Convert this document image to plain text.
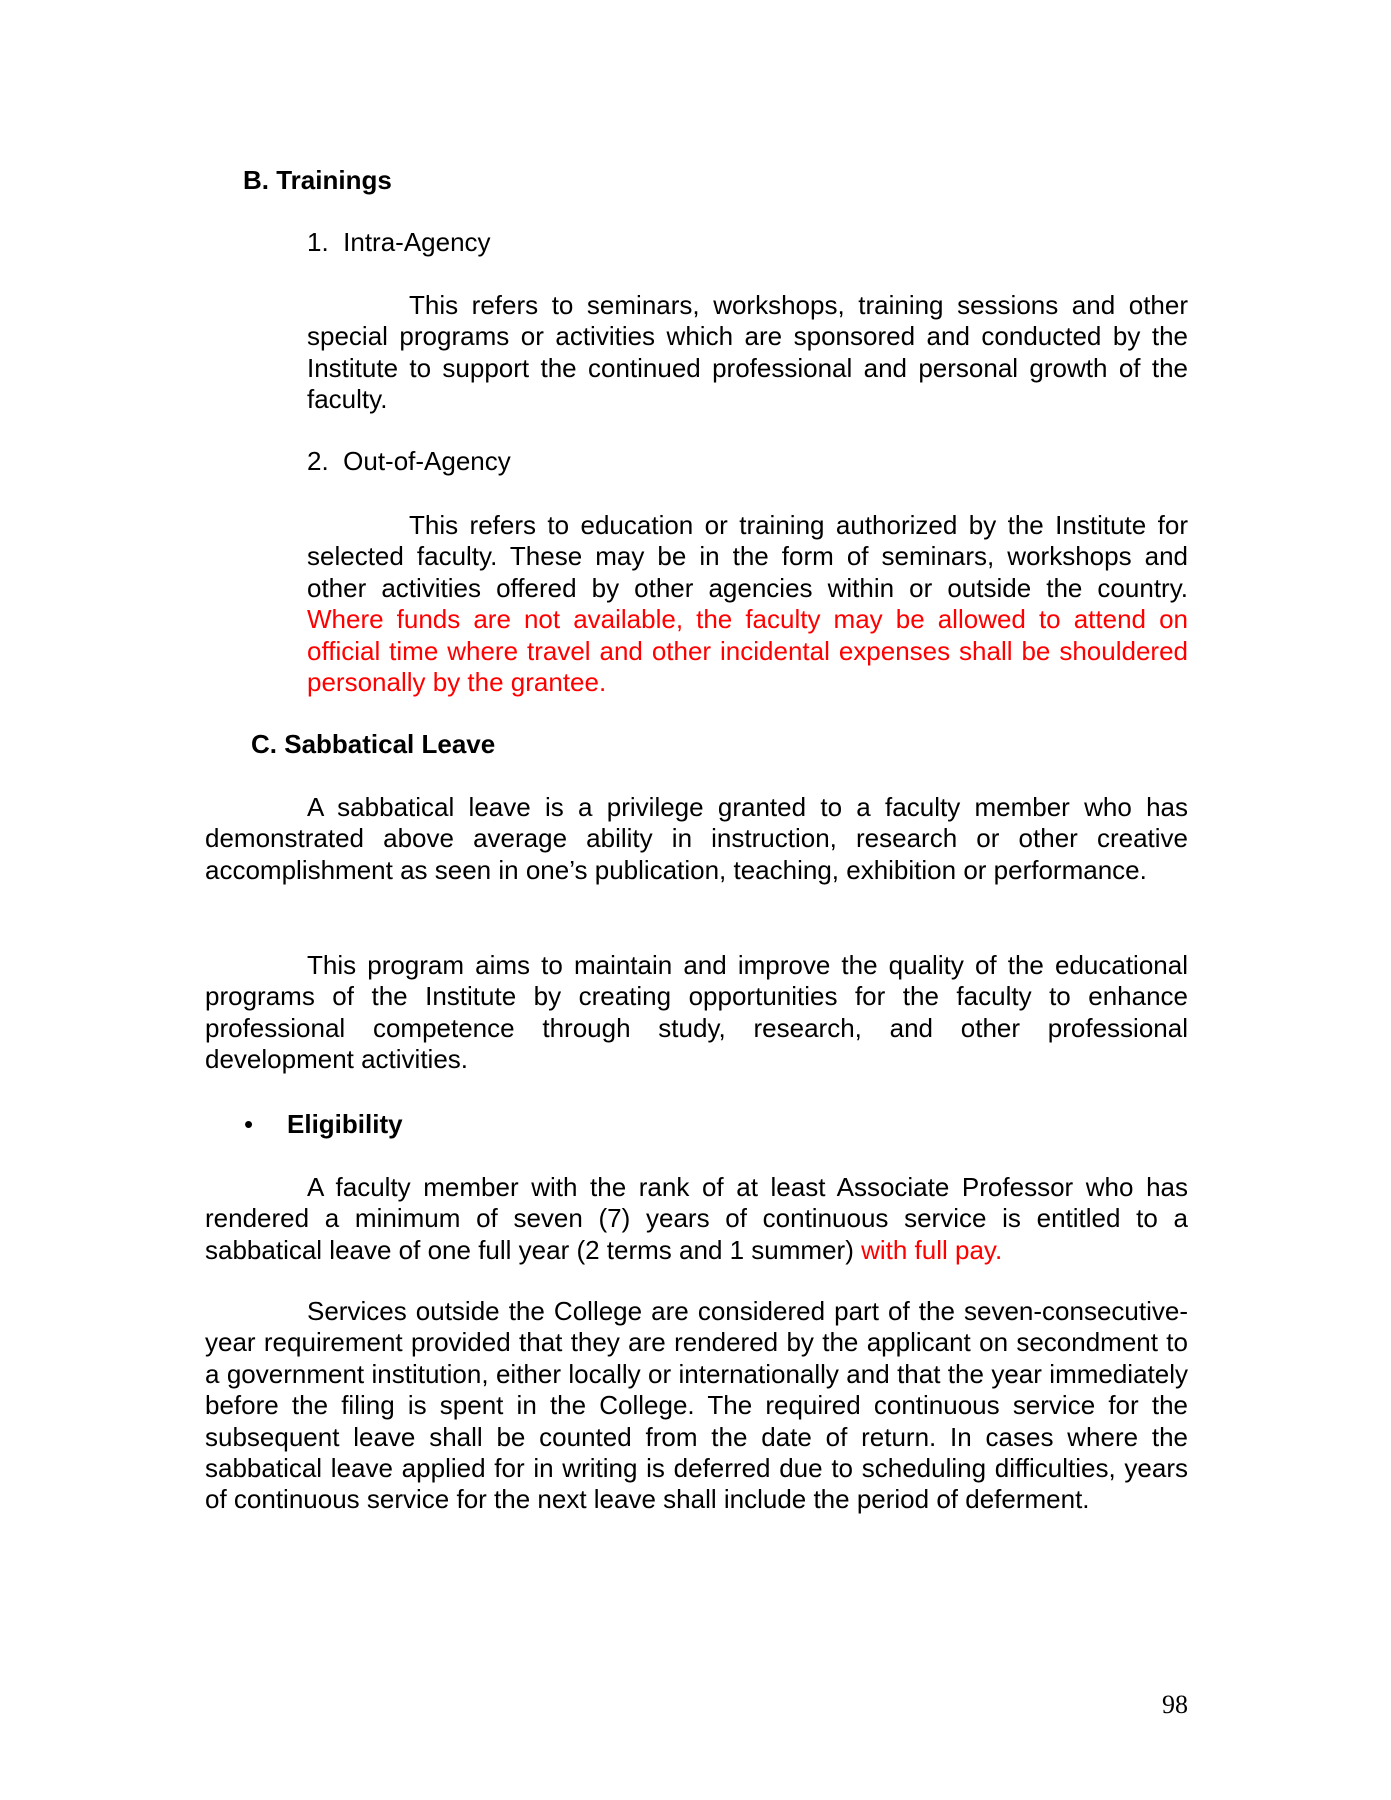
B. Trainings
1. Intra-Agency

This refers to seminars, workshops, training sessions and other special programs or activities which are sponsored and conducted by the Institute to support the continued professional and personal growth of the faculty.

2. Out-of-Agency

This refers to education or training authorized by the Institute for selected faculty. These may be in the form of seminars, workshops and other activities offered by other agencies within or outside the country. Where funds are not available, the faculty may be allowed to attend on official time where travel and other incidental expenses shall be shouldered personally by the grantee.

C. Sabbatical Leave

A sabbatical leave is a privilege granted to a faculty member who has demonstrated above average ability in instruction, research or other creative accomplishment as seen in one’s publication, teaching, exhibition or performance.

This program aims to maintain and improve the quality of the educational programs of the Institute by creating opportunities for the faculty to enhance professional competence through study, research, and other professional development activities.

• Eligibility

A faculty member with the rank of at least Associate Professor who has rendered a minimum of seven (7) years of continuous service is entitled to a sabbatical leave of one full year (2 terms and 1 summer) with full pay.

Services outside the College are considered part of the seven-consecutive-year requirement provided that they are rendered by the applicant on secondment to a government institution, either locally or internationally and that the year immediately before the filing is spent in the College. The required continuous service for the subsequent leave shall be counted from the date of return. In cases where the sabbatical leave applied for in writing is deferred due to scheduling difficulties, years of continuous service for the next leave shall include the period of deferment.

98
